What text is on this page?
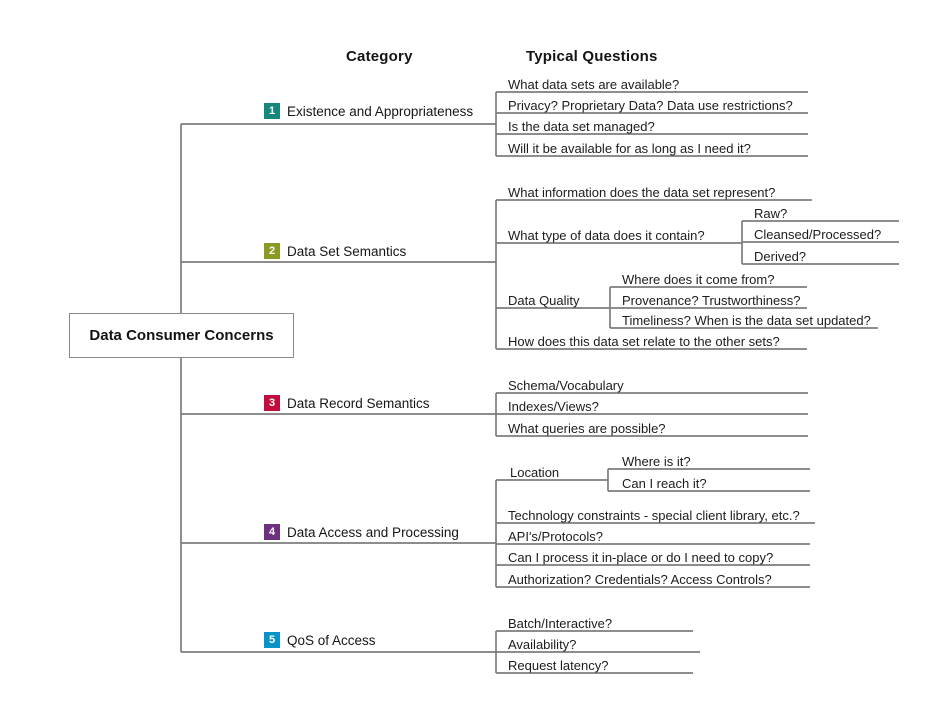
Category	Typical Questions
Data Consumer Concerns
1 Existence and Appropriateness
2 Data Set Semantics
3 Data Record Semantics
4 Data Access and Processing
5 QoS of Access
What data sets are available?
Privacy? Proprietary Data? Data use restrictions?
Is the data set managed?
Will it be available for as long as I need it?
What information does the data set represent?
What type of data does it contain?
Raw?
Cleansed/Processed?
Derived?
Data Quality
Where does it come from?
Provenance? Trustworthiness?
Timeliness? When is the data set updated?
How does this data set relate to the other sets?
Schema/Vocabulary
Indexes/Views?
What queries are possible?
Location
Where is it?
Can I reach it?
Technology constraints - special client library, etc.?
API's/Protocols?
Can I process it in-place or do I need to copy?
Authorization? Credentials? Access Controls?
Batch/Interactive?
Availability?
Request latency?
